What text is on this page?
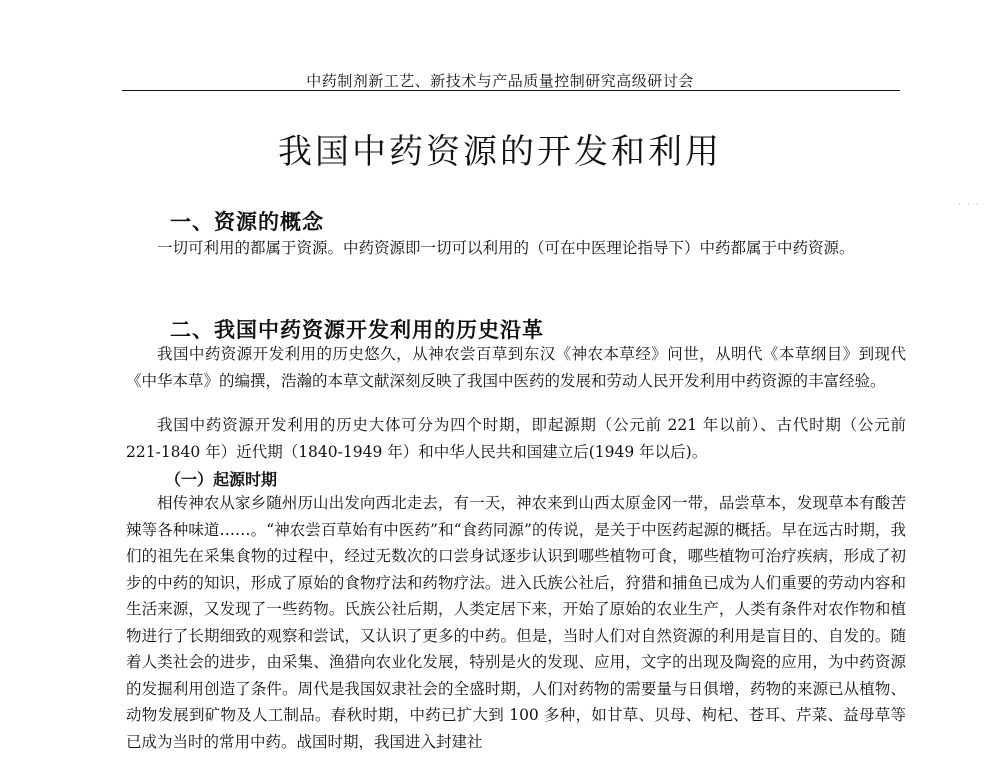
中药制剂新工艺、新技术与产品质量控制研究高级研讨会
我国中药资源的开发和利用
一、资源的概念

一切可利用的都属于资源。中药资源即一切可以利用的（可在中医理论指导下）中药都属于中药资源。

二、我国中药资源开发利用的历史沿革

我国中药资源开发利用的历史悠久，从神农尝百草到东汉《神农本草经》问世，从明代《本草纲目》到现代《中华本草》的编撰，浩瀚的本草文献深刻反映了我国中医药的发展和劳动人民开发利用中药资源的丰富经验。

我国中药资源开发利用的历史大体可分为四个时期，即起源期（公元前 221 年以前）、古代时期（公元前 221-1840 年）近代期（1840-1949 年）和中华人民共和国建立后(1949 年以后)。

（一）起源时期

相传神农从家乡随州历山出发向西北走去，有一天，神农来到山西太原金冈一带，品尝草本，发现草本有酸苦辣等各种味道……。“神农尝百草始有中医药”和“食药同源”的传说，是关于中医药起源的概括。早在远古时期，我们的祖先在采集食物的过程中，经过无数次的口尝身试逐步认识到哪些植物可食，哪些植物可治疗疾病，形成了初步的中药的知识，形成了原始的食物疗法和药物疗法。进入氏族公社后，狩猎和捕鱼已成为人们重要的劳动内容和生活来源，又发现了一些药物。氏族公社后期，人类定居下来，开始了原始的农业生产，人类有条件对农作物和植物进行了长期细致的观察和尝试，又认识了更多的中药。但是，当时人们对自然资源的利用是盲目的、自发的。随着人类社会的进步，由采集、渔猎向农业化发展，特别是火的发现、应用，文字的出现及陶瓷的应用，为中药资源的发掘利用创造了条件。周代是我国奴隶社会的全盛时期，人们对药物的需要量与日俱增，药物的来源已从植物、动物发展到矿物及人工制品。春秋时期，中药已扩大到 100 多种，如甘草、贝母、枸杞、苍耳、芹菜、益母草等已成为当时的常用中药。战国时期，我国进入封建社

· · ·
